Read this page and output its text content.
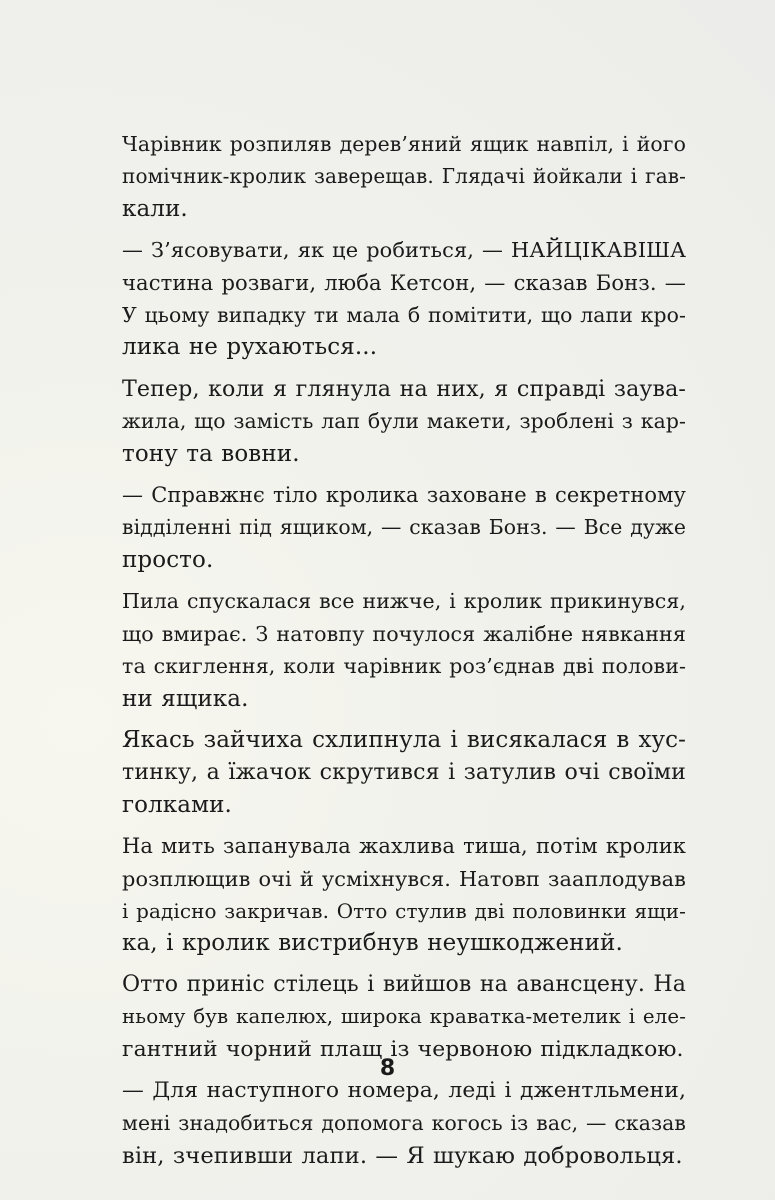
Чарівник розпиляв дерев’яний ящик навпіл, і його
помічник-кролик заверещав. Глядачі йойкали і гав-
кали.

— З’ясовувати, як це робиться, — НАЙЦІКАВІША
частина розваги, люба Кетсон, — сказав Бонз. —
У цьому випадку ти мала б помітити, що лапи кро-
лика не рухаються...

Тепер, коли я глянула на них, я справді заува-
жила, що замість лап були макети, зроблені з кар-
тону та вовни.

— Справжнє тіло кролика заховане в секретному
відділенні під ящиком, — сказав Бонз. — Все дуже
просто.

Пила спускалася все нижче, і кролик прикинувся,
що вмирає. З натовпу почулося жалібне нявкання
та скиглення, коли чарівник роз’єднав дві полови-
ни ящика.

Якась зайчиха схлипнула і висякалася в хус-
тинку, а їжачок скрутився і затулив очі своїми
голками.

На мить запанувала жахлива тиша, потім кролик
розплющив очі й усміхнувся. Натовп зааплодував
і радісно закричав. Отто стулив дві половинки ящи-
ка, і кролик вистрибнув неушкоджений.

Отто приніс стілець і вийшов на авансцену. На
ньому був капелюх, широка краватка-метелик і еле-
гантний чорний плащ із червоною підкладкою.

— Для наступного номера, леді і джентльмени,
мені знадобиться допомога когось із вас, — сказав
він, зчепивши лапи. — Я шукаю добровольця.

8
